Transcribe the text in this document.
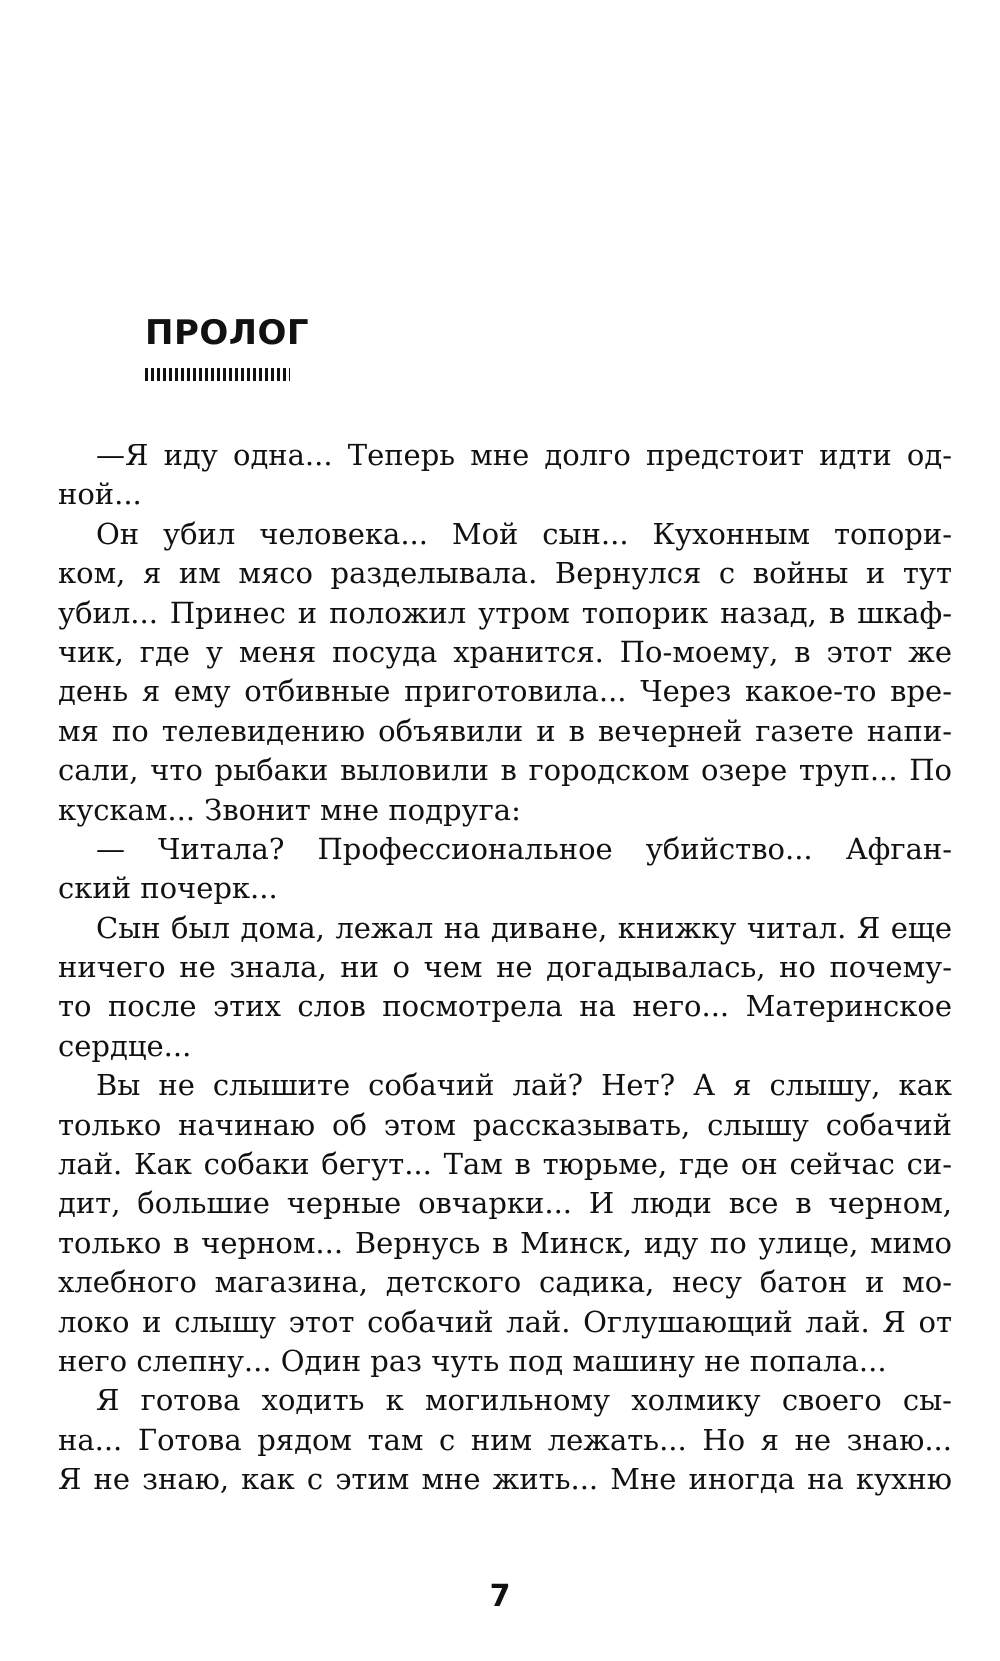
ПРОЛОГ
—Я иду одна... Теперь мне долго предстоит идти од-
ной...
Он убил человека... Мой сын... Кухонным топори-
ком, я им мясо разделывала. Вернулся с войны и тут
убил... Принес и положил утром топорик назад, в шкаф-
чик, где у меня посуда хранится. По-моему, в этот же
день я ему отбивные приготовила... Через какое-то вре-
мя по телевидению объявили и в вечерней газете напи-
сали, что рыбаки выловили в городском озере труп... По
кускам... Звонит мне подруга:
— Читала? Профессиональное убийство... Афган-
ский почерк...
Сын был дома, лежал на диване, книжку читал. Я еще
ничего не знала, ни о чем не догадывалась, но почему-
то после этих слов посмотрела на него... Материнское
сердце...
Вы не слышите собачий лай? Нет? А я слышу, как
только начинаю об этом рассказывать, слышу собачий
лай. Как собаки бегут... Там в тюрьме, где он сейчас си-
дит, большие черные овчарки... И люди все в черном,
только в черном... Вернусь в Минск, иду по улице, мимо
хлебного магазина, детского садика, несу батон и мо-
локо и слышу этот собачий лай. Оглушающий лай. Я от
него слепну... Один раз чуть под машину не попала...
Я готова ходить к могильному холмику своего сы-
на... Готова рядом там с ним лежать... Но я не знаю...
Я не знаю, как с этим мне жить... Мне иногда на кухню
7
